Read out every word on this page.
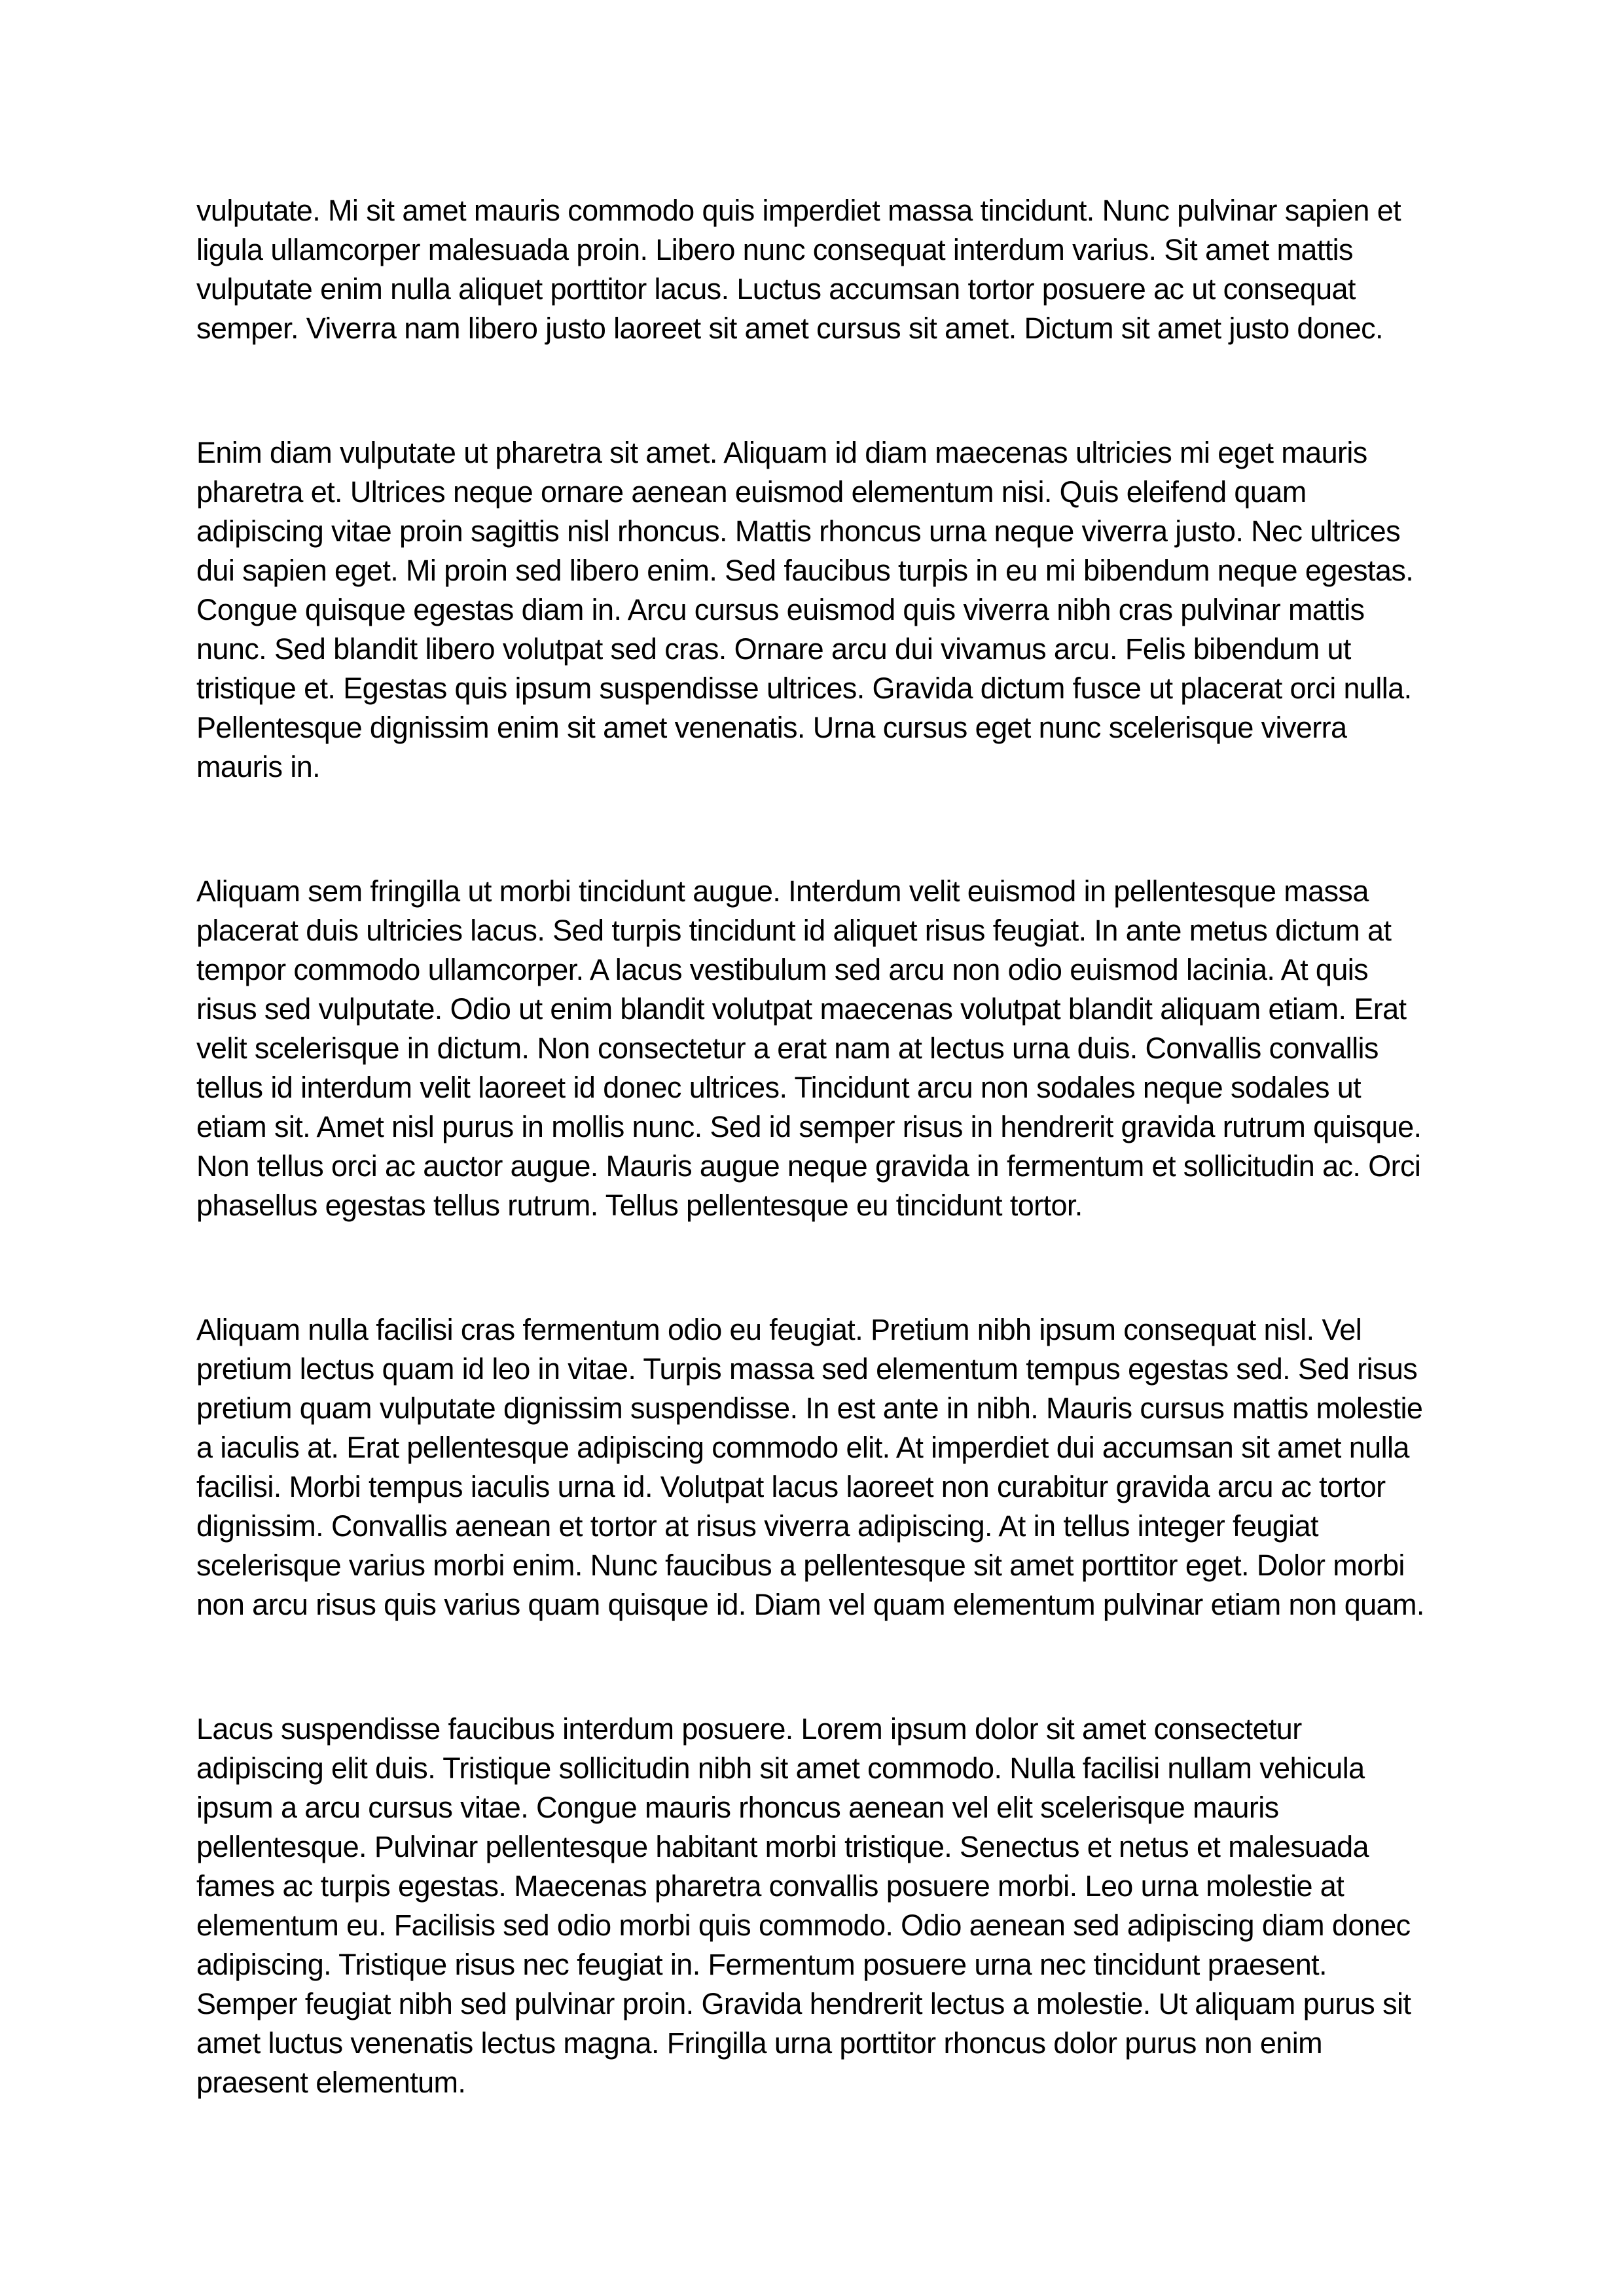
vulputate. Mi sit amet mauris commodo quis imperdiet massa tincidunt. Nunc pulvinar sapien et ligula ullamcorper malesuada proin. Libero nunc consequat interdum varius. Sit amet mattis vulputate enim nulla aliquet porttitor lacus. Luctus accumsan tortor posuere ac ut consequat semper. Viverra nam libero justo laoreet sit amet cursus sit amet. Dictum sit amet justo donec.

Enim diam vulputate ut pharetra sit amet. Aliquam id diam maecenas ultricies mi eget mauris pharetra et. Ultrices neque ornare aenean euismod elementum nisi. Quis eleifend quam adipiscing vitae proin sagittis nisl rhoncus. Mattis rhoncus urna neque viverra justo. Nec ultrices dui sapien eget. Mi proin sed libero enim. Sed faucibus turpis in eu mi bibendum neque egestas. Congue quisque egestas diam in. Arcu cursus euismod quis viverra nibh cras pulvinar mattis nunc. Sed blandit libero volutpat sed cras. Ornare arcu dui vivamus arcu. Felis bibendum ut tristique et. Egestas quis ipsum suspendisse ultrices. Gravida dictum fusce ut placerat orci nulla. Pellentesque dignissim enim sit amet venenatis. Urna cursus eget nunc scelerisque viverra mauris in.

Aliquam sem fringilla ut morbi tincidunt augue. Interdum velit euismod in pellentesque massa placerat duis ultricies lacus. Sed turpis tincidunt id aliquet risus feugiat. In ante metus dictum at tempor commodo ullamcorper. A lacus vestibulum sed arcu non odio euismod lacinia. At quis risus sed vulputate. Odio ut enim blandit volutpat maecenas volutpat blandit aliquam etiam. Erat velit scelerisque in dictum. Non consectetur a erat nam at lectus urna duis. Convallis convallis tellus id interdum velit laoreet id donec ultrices. Tincidunt arcu non sodales neque sodales ut etiam sit. Amet nisl purus in mollis nunc. Sed id semper risus in hendrerit gravida rutrum quisque. Non tellus orci ac auctor augue. Mauris augue neque gravida in fermentum et sollicitudin ac. Orci phasellus egestas tellus rutrum. Tellus pellentesque eu tincidunt tortor.

Aliquam nulla facilisi cras fermentum odio eu feugiat. Pretium nibh ipsum consequat nisl. Vel pretium lectus quam id leo in vitae. Turpis massa sed elementum tempus egestas sed. Sed risus pretium quam vulputate dignissim suspendisse. In est ante in nibh. Mauris cursus mattis molestie a iaculis at. Erat pellentesque adipiscing commodo elit. At imperdiet dui accumsan sit amet nulla facilisi. Morbi tempus iaculis urna id. Volutpat lacus laoreet non curabitur gravida arcu ac tortor dignissim. Convallis aenean et tortor at risus viverra adipiscing. At in tellus integer feugiat scelerisque varius morbi enim. Nunc faucibus a pellentesque sit amet porttitor eget. Dolor morbi non arcu risus quis varius quam quisque id. Diam vel quam elementum pulvinar etiam non quam.

Lacus suspendisse faucibus interdum posuere. Lorem ipsum dolor sit amet consectetur adipiscing elit duis. Tristique sollicitudin nibh sit amet commodo. Nulla facilisi nullam vehicula ipsum a arcu cursus vitae. Congue mauris rhoncus aenean vel elit scelerisque mauris pellentesque. Pulvinar pellentesque habitant morbi tristique. Senectus et netus et malesuada fames ac turpis egestas. Maecenas pharetra convallis posuere morbi. Leo urna molestie at elementum eu. Facilisis sed odio morbi quis commodo. Odio aenean sed adipiscing diam donec adipiscing. Tristique risus nec feugiat in. Fermentum posuere urna nec tincidunt praesent. Semper feugiat nibh sed pulvinar proin. Gravida hendrerit lectus a molestie. Ut aliquam purus sit amet luctus venenatis lectus magna. Fringilla urna porttitor rhoncus dolor purus non enim praesent elementum.
